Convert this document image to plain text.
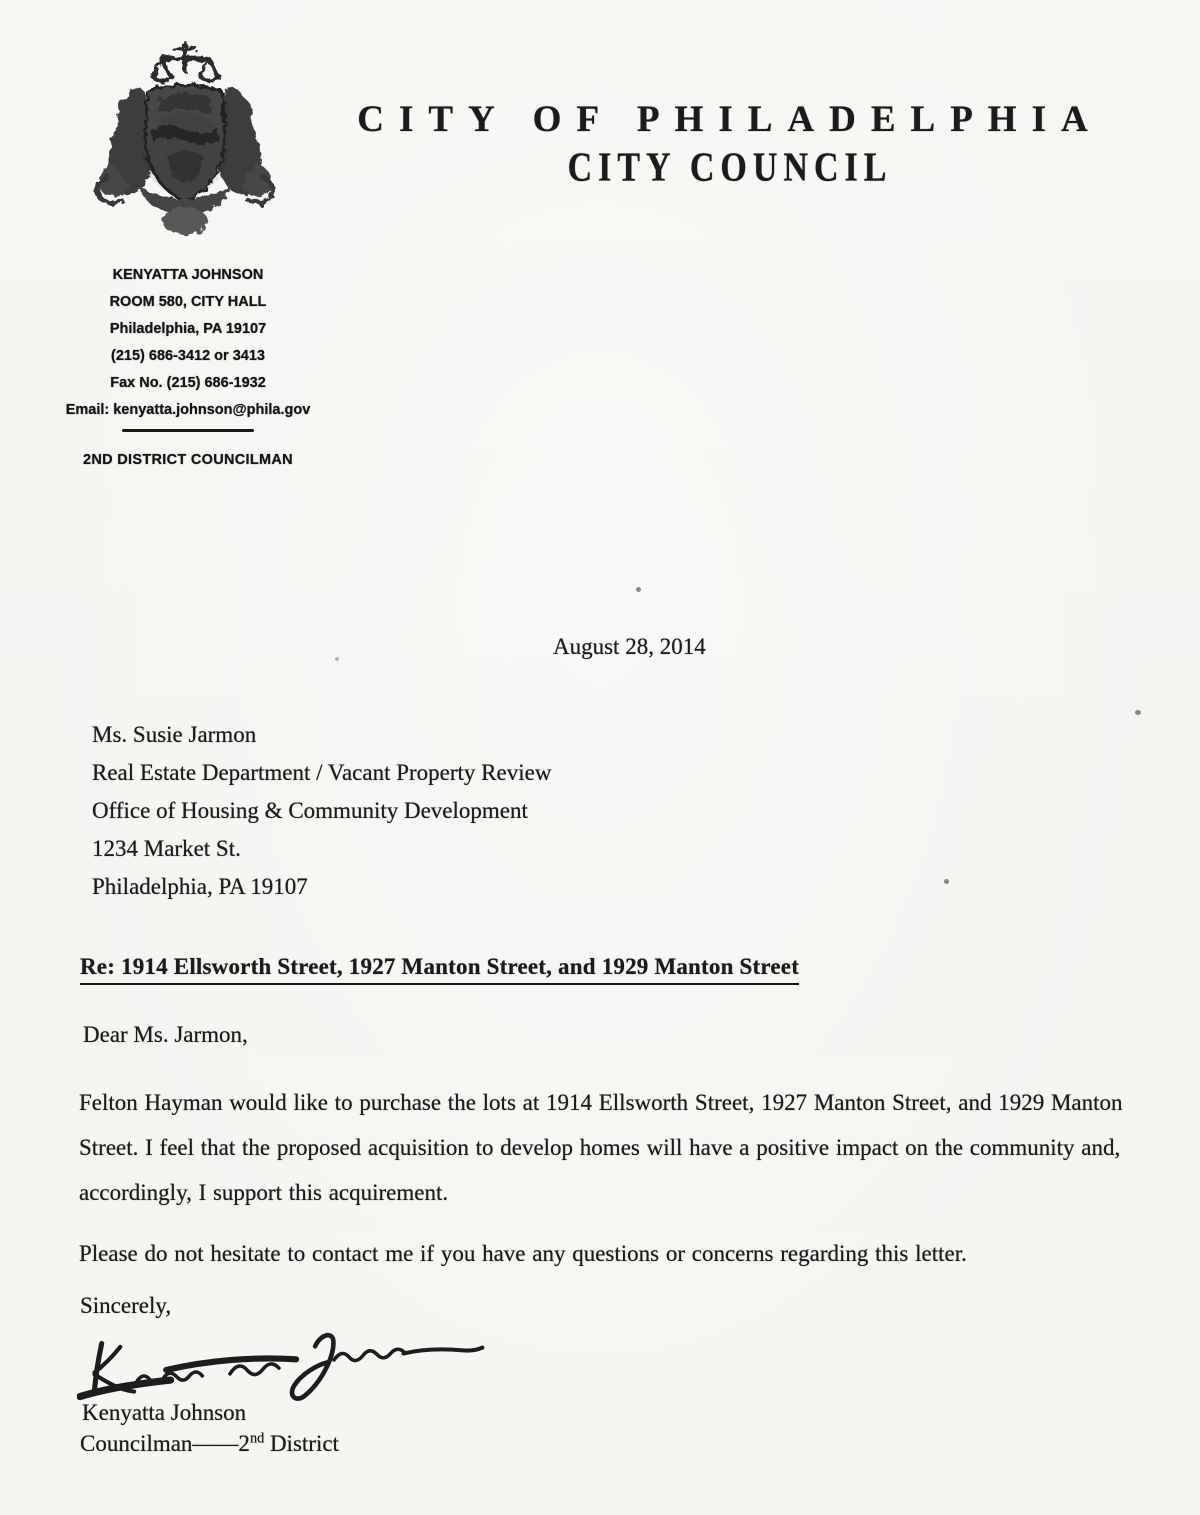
CITY OF PHILADELPHIA
CITY COUNCIL
KENYATTA JOHNSON
ROOM 580, CITY HALL
Philadelphia, PA 19107
(215) 686-3412 or 3413
Fax No. (215) 686-1932
Email: kenyatta.johnson@phila.gov
2ND DISTRICT COUNCILMAN
August 28, 2014
Ms. Susie Jarmon
Real Estate Department / Vacant Property Review
Office of Housing & Community Development
1234 Market St.
Philadelphia, PA 19107
Re: 1914 Ellsworth Street, 1927 Manton Street, and 1929 Manton Street
Dear Ms. Jarmon,
Felton Hayman would like to purchase the lots at 1914 Ellsworth Street, 1927 Manton Street, and 1929 Manton Street. I feel that the proposed acquisition to develop homes will have a positive impact on the community and, accordingly, I support this acquirement.
Please do not hesitate to contact me if you have any questions or concerns regarding this letter.
Sincerely,
Kenyatta Johnson
Councilman——2nd District
